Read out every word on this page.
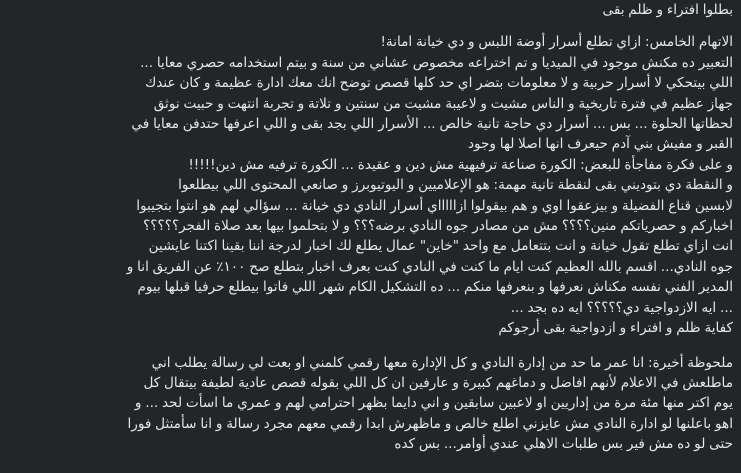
بطلوا افتراء و ظلم بقى

الاتهام الخامس: ازاي تطلع أسرار أوضة اللبس و دي خيانة امانة!
التعبير ده مكنش موجود في الميديا و تم اختراعه مخصوص عشاني من سنة و بيتم استخدامه حصري معايا ...
اللي بيتحكي لا أسرار حربية و لا معلومات بتضر اي حد كلها قصص توضح انك معك ادارة عظيمة و كان عندك
جهاز عظيم في فترة تاريخية و الناس مشيت و لاعيبة مشيت من سنتين و تلاتة و تجربة انتهت و حبيت نوثق
لحظاتها الحلوة ... بس ... أسرار دي حاجة تانية خالص ... الأسرار اللي بجد بقى و اللي اعرفها حتدفن معايا في
القبر و مفيش بني آدم حيعرف انها اصلا لها وجود
و على فكرة مفاجأة للبعض: الكورة صناعة ترفيهية مش دين و عقيدة ... الكورة ترفيه مش دين!!!!!
و النقطة دي بتوديني بقى لنقطة تانية مهمة: هو الإعلاميين و اليوتيوبرز و صانعي المحتوى اللي بيطلعوا
لابسين قناع الفضيلة و بيزعقوا اوي و هم بيقولوا ازاااااي أسرار النادي دي خيانة ... سؤالي لهم هو انتوا بتجيبوا
اخباركم و حصرياتكم منين؟؟؟؟ مش من مصادر جوه النادي برضه؟؟؟ و لا بتحلموا بيها بعد صلاة الفجر؟؟؟؟؟
انت ازاي تطلع تقول خيانة و انت بتتعامل مع واحد "خاين" عمال يطلع لك اخبار لدرجة اننا بقينا اكتنا عايشين
جوه النادي... اقسم بالله العظيم كنت ايام ما كنت في النادي كنت بعرف اخبار بتطلع صح ١٠٠٪ عن الفريق انا و
المدير الفني نفسه مكناش نعرفها و بنعرفها منكم ... ده التشكيل الكام شهر اللي فاتوا بيطلع حرفيا قبلها بيوم
... ايه الازدواجية دي؟؟؟؟؟ ايه ده بجد ...
كفاية ظلم و افتراء و ازدواجية بقى أرجوكم

ملحوظة أخيرة: انا عمر ما حد من إدارة النادي و كل الإدارة معها رقمي كلمني او بعت لي رسالة يطلب اني
ماطلعش في الاعلام لأنهم افاضل و دماغهم كبيرة و عارفين ان كل اللي بقوله قصص عادية لطيفة بيتقال كل
يوم اكتر منها مئة مرة من إداريين او لاعبين سابقين و اني دايما بظهر احترامي لهم و عمري ما اسأت لحد ... و
اهو باعلنها لو ادارة النادي مش عايزني اطلع خالص و ماظهرش ابدا رقمي معهم مجرد رسالة و انا سأمتثل فورا
حتى لو ده مش فير بس طلبات الاهلي عندي أوامر... بس كده
